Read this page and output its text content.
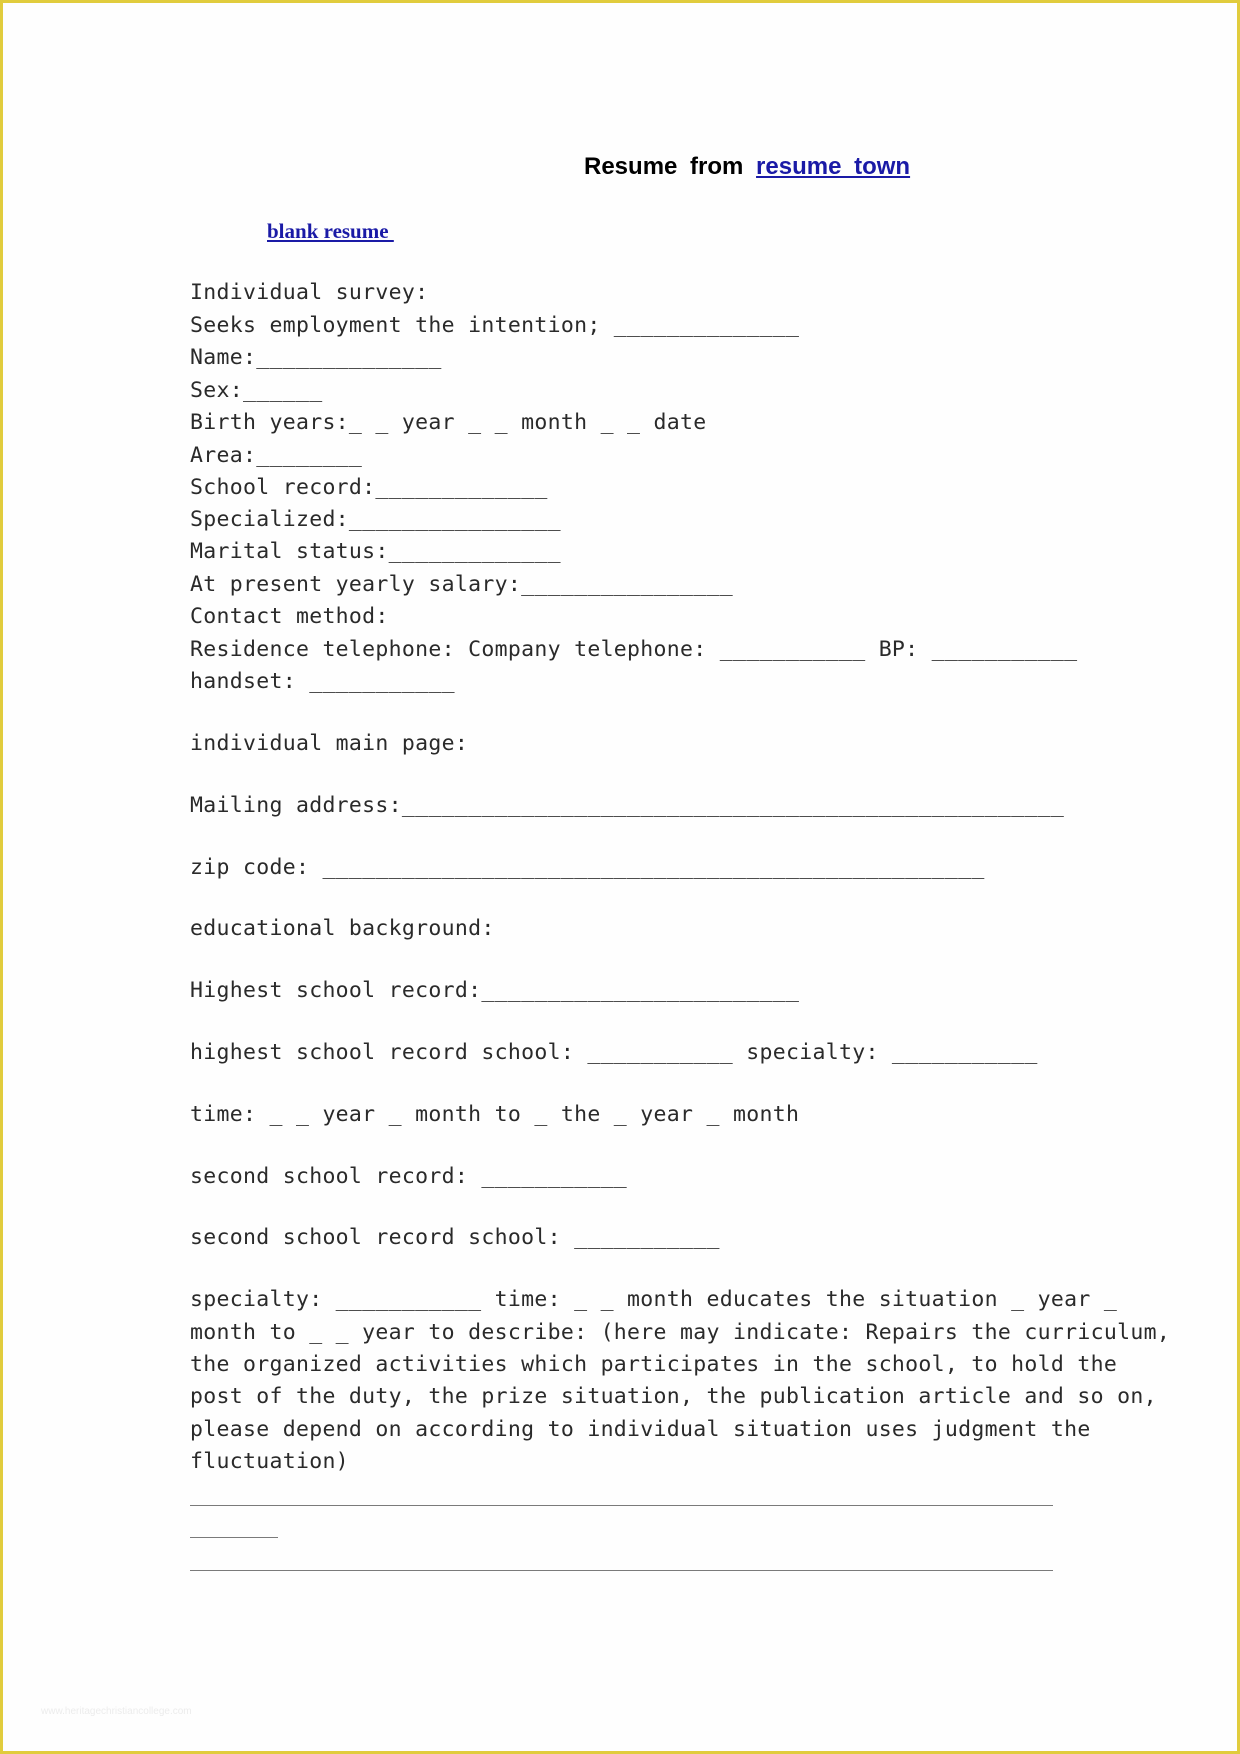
Resume from resume town
blank resume
Individual survey:
Seeks employment the intention; ______________
Name:______________
Sex:______
Birth years:_ _ year _ _ month _ _ date
Area:________
School record:_____________
Specialized:________________
Marital status:_____________
At present yearly salary:________________
Contact method:
Residence telephone: Company telephone: ___________ BP: ___________
handset: ___________
individual main page:
Mailing address:__________________________________________________
zip code: __________________________________________________
educational background:
Highest school record:________________________
highest school record school: ___________ specialty: ___________
time: _ _ year _ month to _ the _ year _ month
second school record: ___________
second school record school: ___________
specialty: ___________ time: _ _ month educates the situation _ year _
month to _ _ year to describe: (here may indicate: Repairs the curriculum,
the organized activities which participates in the school, to hold the
post of the duty, the prize situation, the publication article and so on,
please depend on according to individual situation uses judgment the
fluctuation)
www.heritagechristiancollege.com
